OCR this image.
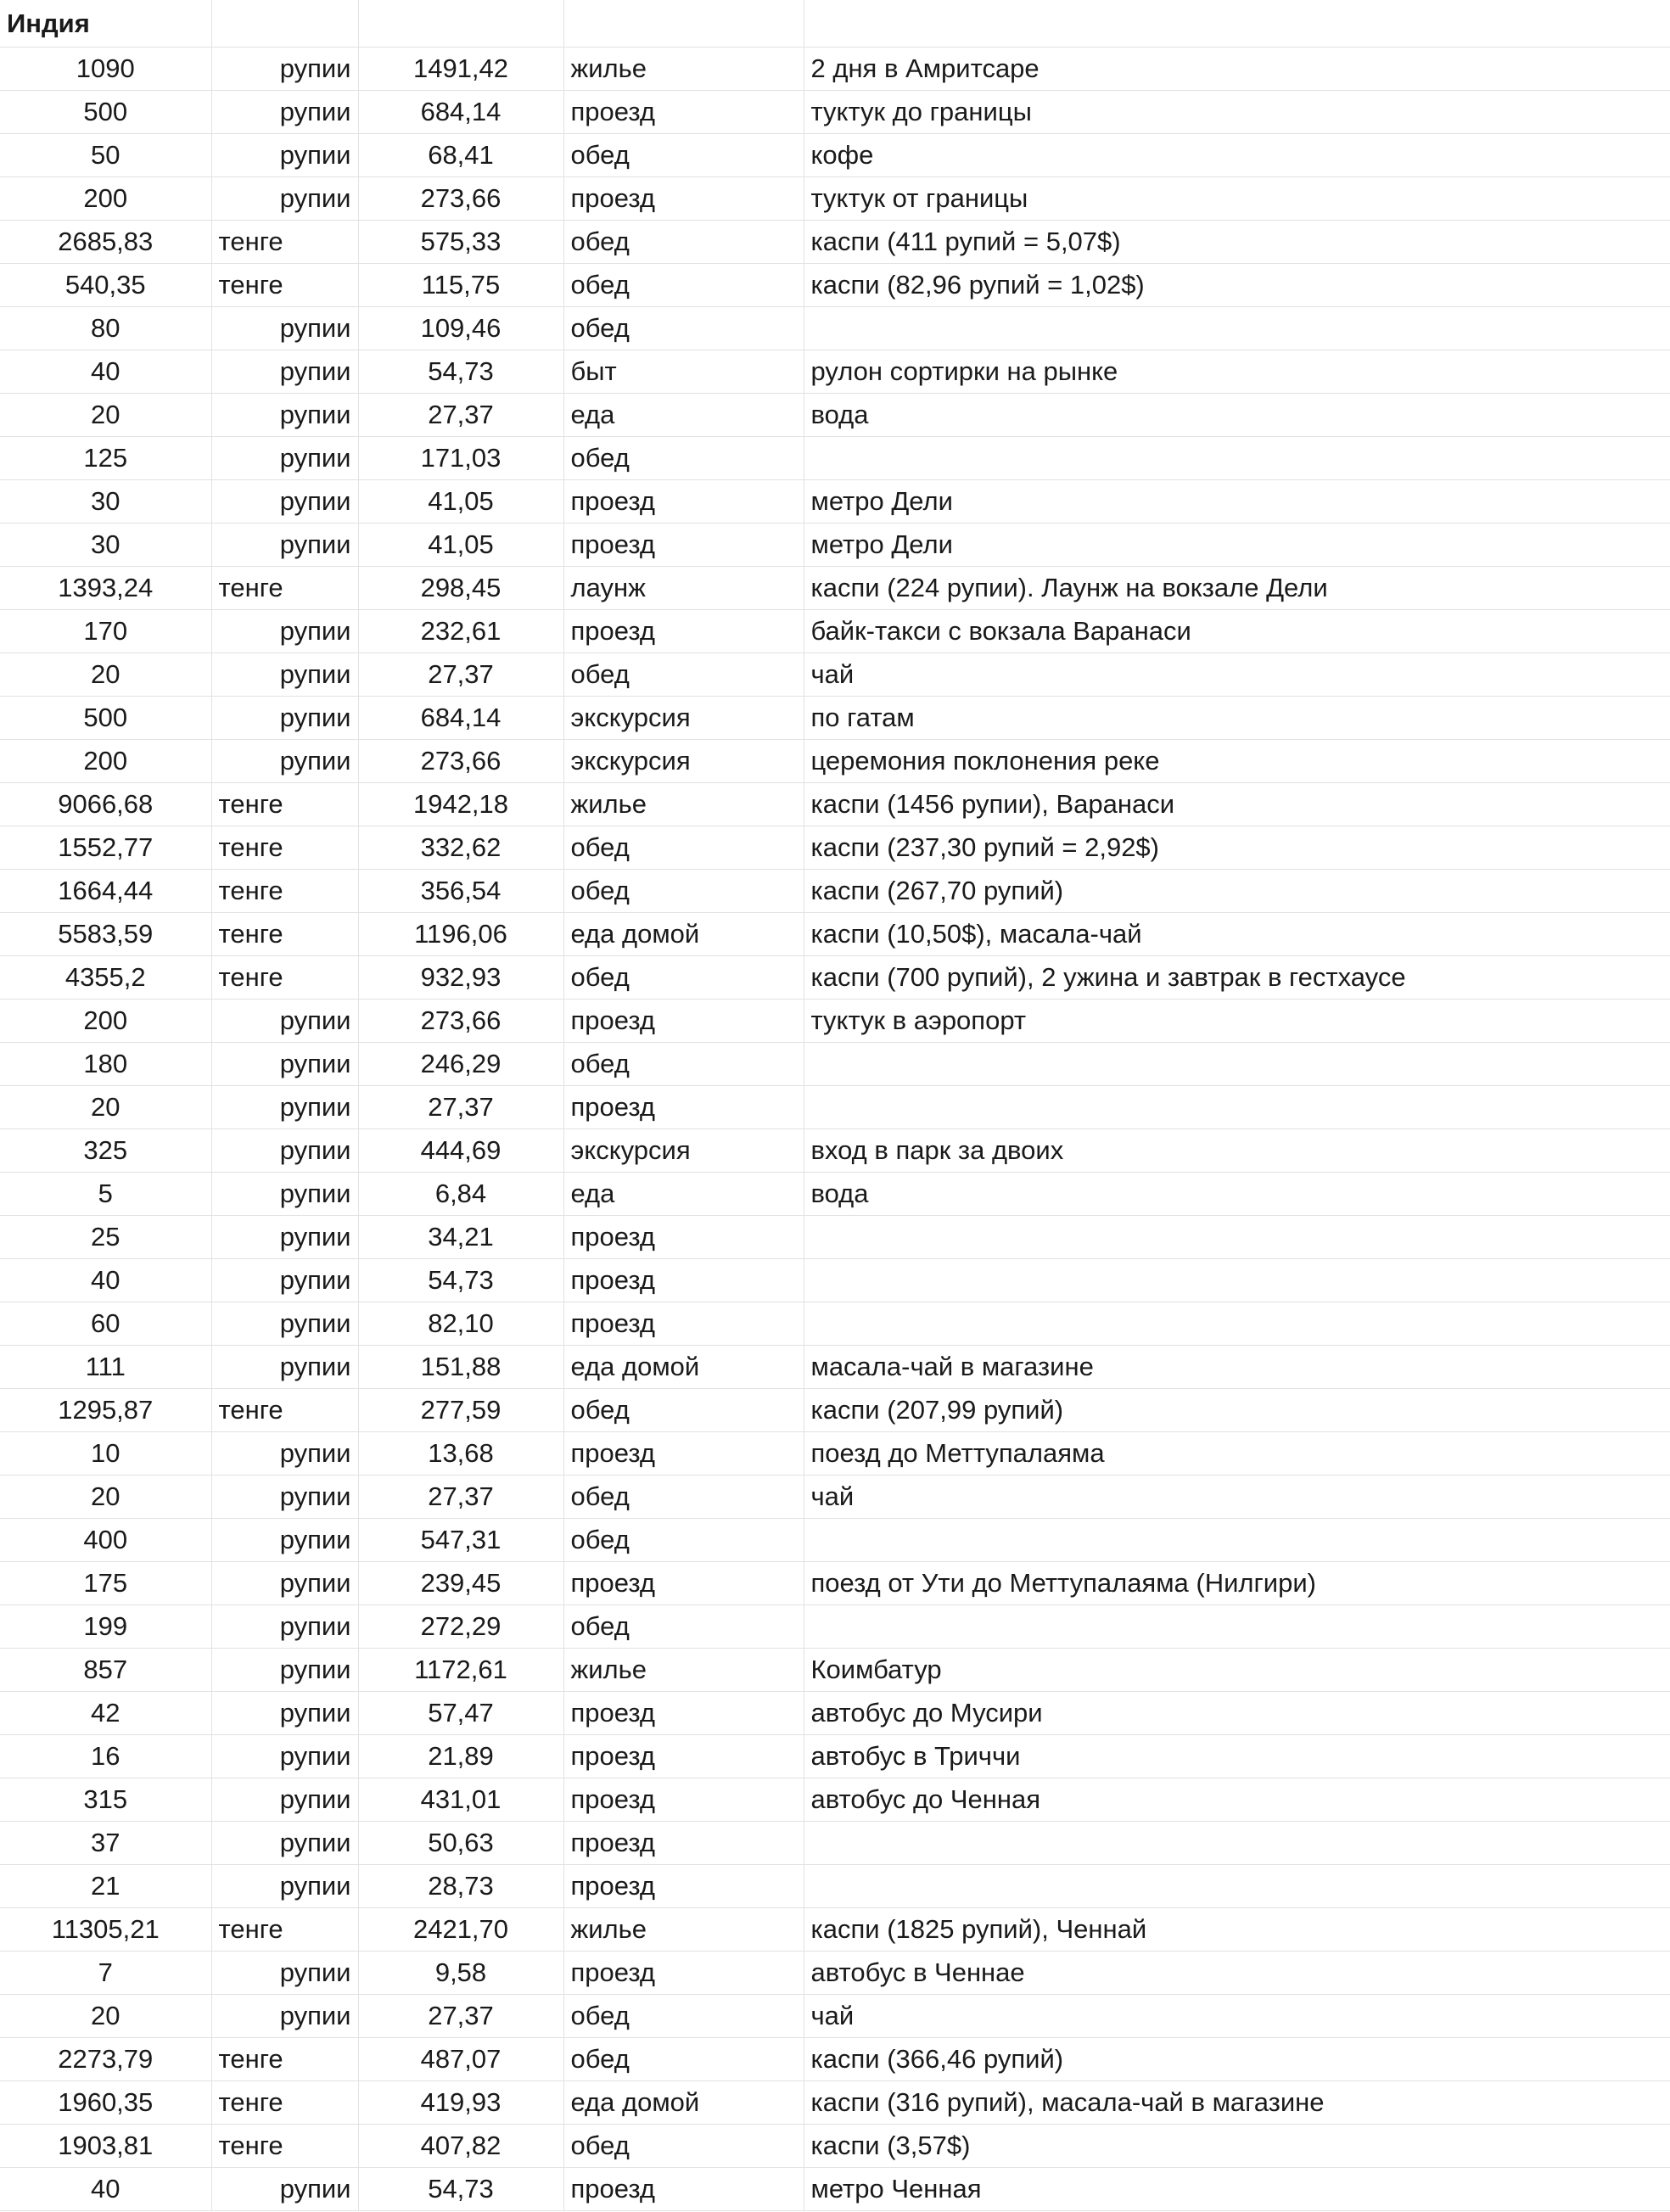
Индия				
1090	рупии	1491,42	жилье	2 дня в Амритсаре
500	рупии	684,14	проезд	туктук до границы
50	рупии	68,41	обед	кофе
200	рупии	273,66	проезд	туктук от границы
2685,83	тенге	575,33	обед	каспи (411 рупий = 5,07$)
540,35	тенге	115,75	обед	каспи (82,96 рупий = 1,02$)
80	рупии	109,46	обед	
40	рупии	54,73	быт	рулон сортирки на рынке
20	рупии	27,37	еда	вода
125	рупии	171,03	обед	
30	рупии	41,05	проезд	метро Дели
30	рупии	41,05	проезд	метро Дели
1393,24	тенге	298,45	лаунж	каспи (224 рупии). Лаунж на вокзале Дели
170	рупии	232,61	проезд	байк-такси с вокзала Варанаси
20	рупии	27,37	обед	чай
500	рупии	684,14	экскурсия	по гатам
200	рупии	273,66	экскурсия	церемония поклонения реке
9066,68	тенге	1942,18	жилье	каспи (1456 рупии), Варанаси
1552,77	тенге	332,62	обед	каспи (237,30 рупий = 2,92$)
1664,44	тенге	356,54	обед	каспи (267,70 рупий)
5583,59	тенге	1196,06	еда домой	каспи (10,50$), масала-чай
4355,2	тенге	932,93	обед	каспи (700 рупий), 2 ужина и завтрак в гестхаусе
200	рупии	273,66	проезд	туктук в аэропорт
180	рупии	246,29	обед	
20	рупии	27,37	проезд	
325	рупии	444,69	экскурсия	вход в парк за двоих
5	рупии	6,84	еда	вода
25	рупии	34,21	проезд	
40	рупии	54,73	проезд	
60	рупии	82,10	проезд	
111	рупии	151,88	еда домой	масала-чай в магазине
1295,87	тенге	277,59	обед	каспи (207,99 рупий)
10	рупии	13,68	проезд	поезд до Меттупалаяма
20	рупии	27,37	обед	чай
400	рупии	547,31	обед	
175	рупии	239,45	проезд	поезд от Ути до Меттупалаяма (Нилгири)
199	рупии	272,29	обед	
857	рупии	1172,61	жилье	Коимбатур
42	рупии	57,47	проезд	автобус до Мусири
16	рупии	21,89	проезд	автобус в Триччи
315	рупии	431,01	проезд	автобус до Ченная
37	рупии	50,63	проезд	
21	рупии	28,73	проезд	
11305,21	тенге	2421,70	жилье	каспи (1825 рупий), Ченнай
7	рупии	9,58	проезд	автобус в Ченнае
20	рупии	27,37	обед	чай
2273,79	тенге	487,07	обед	каспи (366,46 рупий)
1960,35	тенге	419,93	еда домой	каспи (316 рупий), масала-чай в магазине
1903,81	тенге	407,82	обед	каспи (3,57$)
40	рупии	54,73	проезд	метро Ченная
